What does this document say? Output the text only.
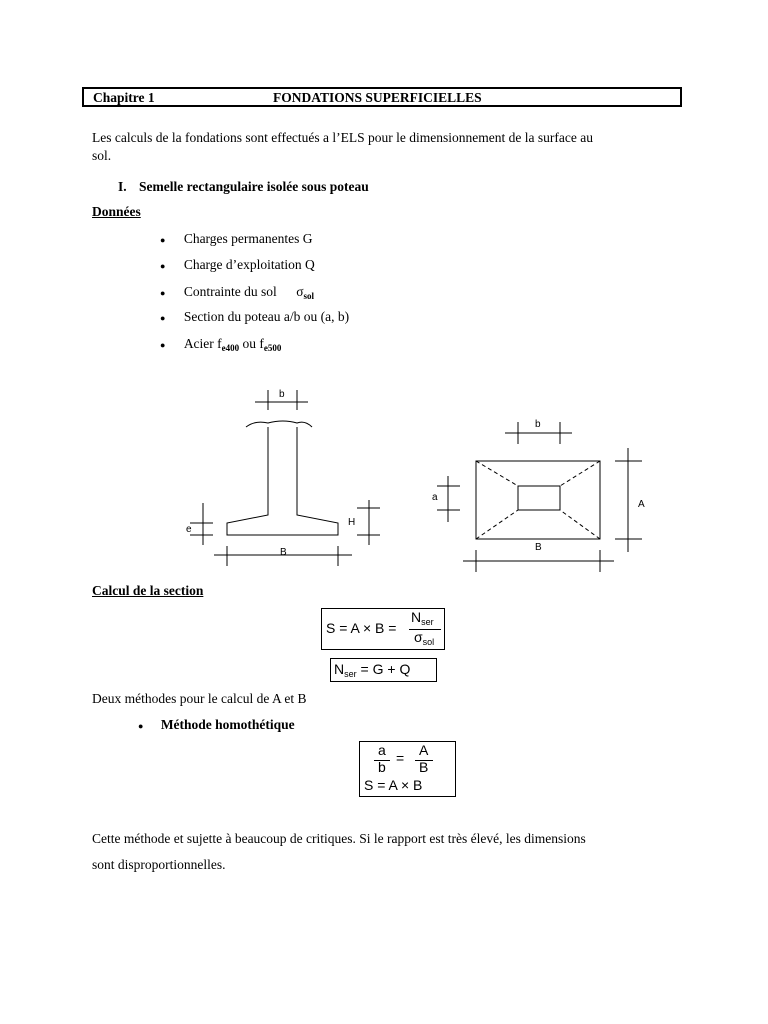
Chapitre 1	FONDATIONS SUPERFICIELLES
Les calculs de la fondations sont effectués a l’ELS pour le dimensionnement de la surface au
sol.
I. Semelle rectangulaire isolée sous poteau
Données
● Charges permanentes G
● Charge d’exploitation Q
● Contrainte du sol $\sigma_{sol}$
● Section du poteau a/b ou (a, b)
● Acier $f_{e400}$ ou $f_{e500}$
b
e
H
B
b
a
A
B
Calcul de la section
S = A × B =
$N_{ser}$
$\sigma_{sol}$
$N_{ser} = G + Q$
Deux méthodes pour le calcul de A et B
● Méthode homothétique
a
b
= A
B
S = A × B
Cette méthode et sujette à beaucoup de critiques. Si le rapport est très élevé, les dimensions
sont disproportionnelles.
